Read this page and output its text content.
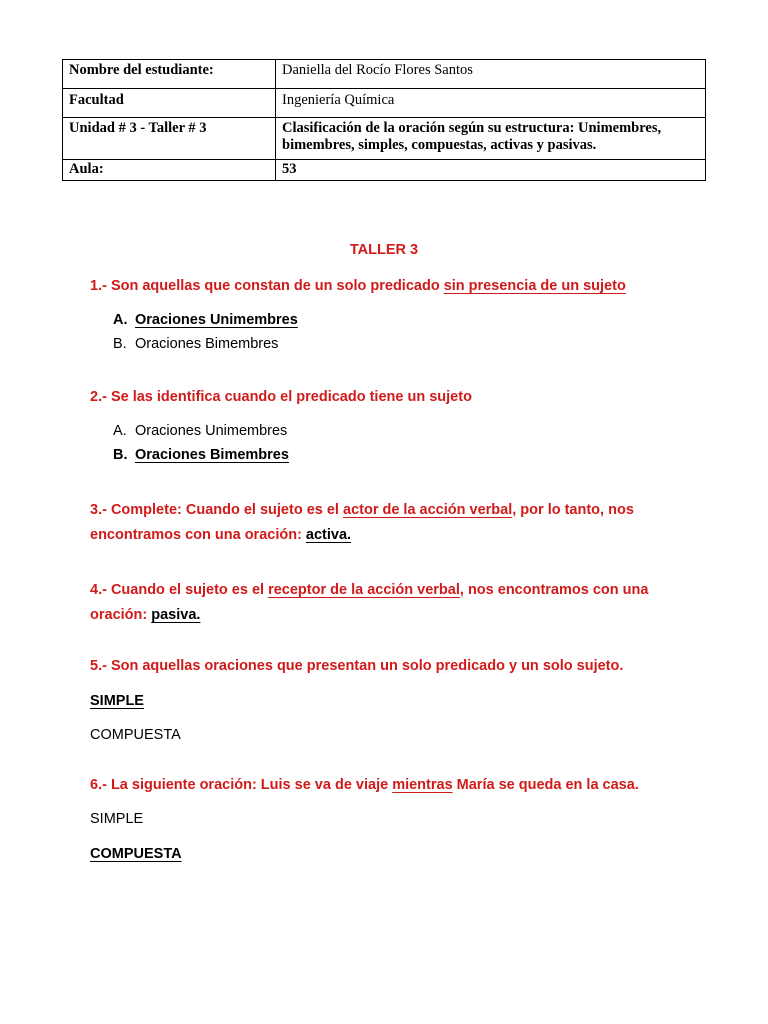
Nombre del estudiante:	Daniella del Rocío Flores Santos
Facultad	Ingeniería Química
Unidad # 3 - Taller # 3	Clasificación de la oración según su estructura: Unimembres,
bimembres, simples, compuestas, activas y pasivas.
Aula:	53
TALLER 3
1.- Son aquellas que constan de un solo predicado sin presencia de un sujeto
A. Oraciones Unimembres
B. Oraciones Bimembres
2.- Se las identifica cuando el predicado tiene un sujeto
A. Oraciones Unimembres
B. Oraciones Bimembres
3.- Complete: Cuando el sujeto es el actor de la acción verbal, por lo tanto, nos
encontramos con una oración: activa.
4.- Cuando el sujeto es el receptor de la acción verbal, nos encontramos con una
oración: pasiva.
5.- Son aquellas oraciones que presentan un solo predicado y un solo sujeto.
SIMPLE
COMPUESTA
6.- La siguiente oración: Luis se va de viaje mientras María se queda en la casa.
SIMPLE
COMPUESTA
